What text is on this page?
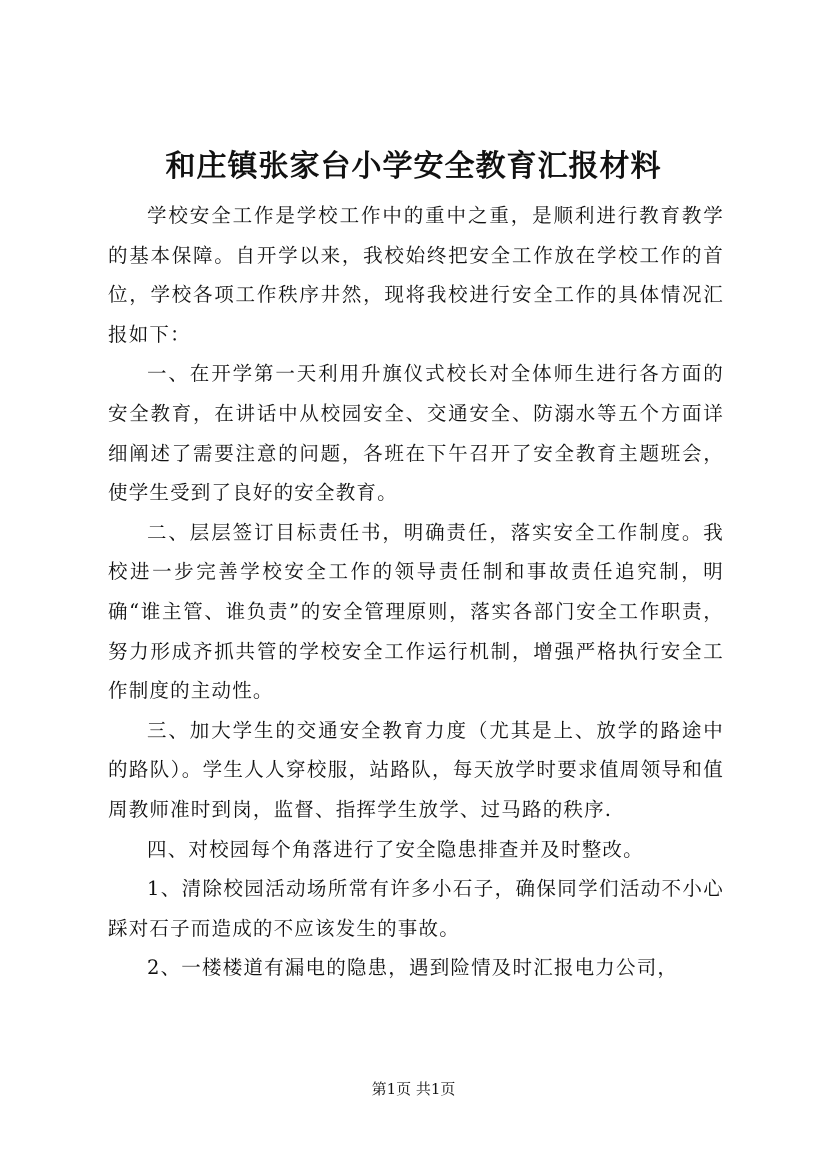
和庄镇张家台小学安全教育汇报材料

学校安全工作是学校工作中的重中之重，是顺利进行教育教学的基本保障。自开学以来，我校始终把安全工作放在学校工作的首位，学校各项工作秩序井然，现将我校进行安全工作的具体情况汇报如下：

一、在开学第一天利用升旗仪式校长对全体师生进行各方面的安全教育，在讲话中从校园安全、交通安全、防溺水等五个方面详细阐述了需要注意的问题，各班在下午召开了安全教育主题班会，使学生受到了良好的安全教育。

二、层层签订目标责任书，明确责任，落实安全工作制度。我校进一步完善学校安全工作的领导责任制和事故责任追究制，明确“谁主管、谁负责”的安全管理原则，落实各部门安全工作职责，努力形成齐抓共管的学校安全工作运行机制，增强严格执行安全工作制度的主动性。

三、加大学生的交通安全教育力度（尤其是上、放学的路途中的路队）。学生人人穿校服，站路队，每天放学时要求值周领导和值周教师准时到岗，监督、指挥学生放学、过马路的秩序.

四、对校园每个角落进行了安全隐患排查并及时整改。

1、清除校园活动场所常有许多小石子，确保同学们活动不小心踩对石子而造成的不应该发生的事故。

2、一楼楼道有漏电的隐患，遇到险情及时汇报电力公司，

第1页 共1页
